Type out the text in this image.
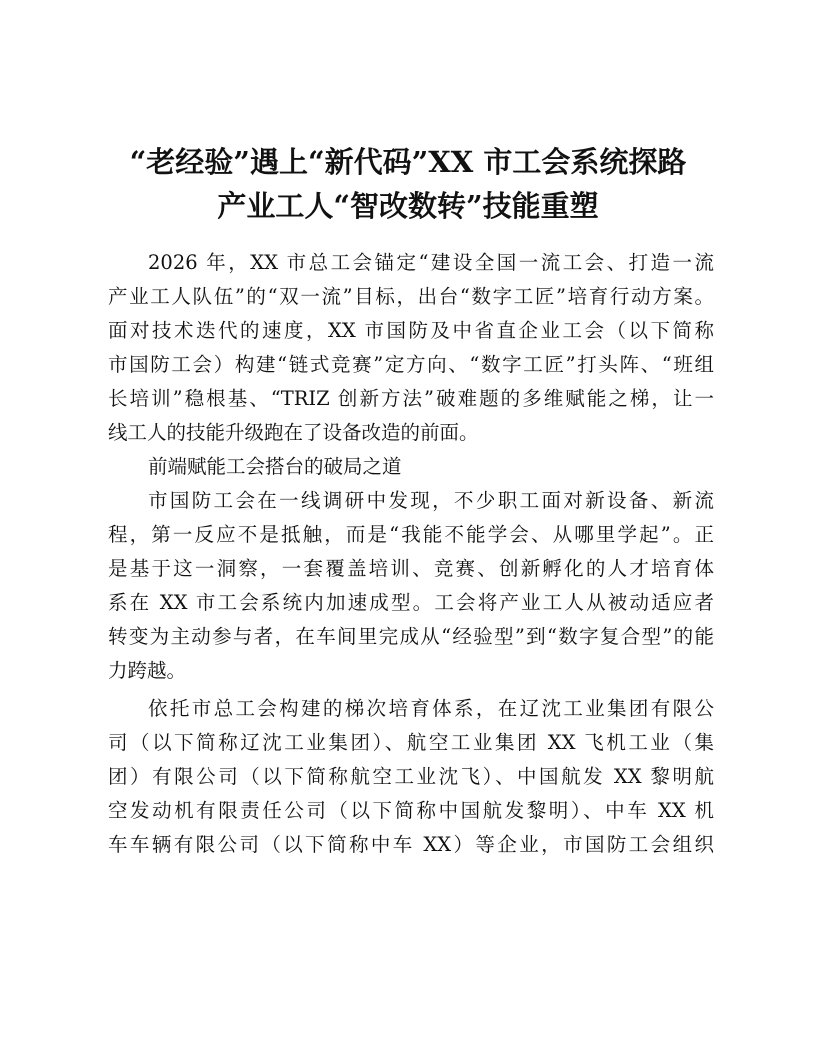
“老经验”遇上“新代码”XX 市工会系统探路
产业工人“智改数转”技能重塑

2026 年，XX 市总工会锚定“建设全国一流工会、打造一流
产业工人队伍”的“双一流”目标，出台“数字工匠”培育行动方案。
面对技术迭代的速度，XX 市国防及中省直企业工会（以下简称
市国防工会）构建“链式竞赛”定方向、“数字工匠”打头阵、“班组
长培训”稳根基、“TRIZ 创新方法”破难题的多维赋能之梯，让一
线工人的技能升级跑在了设备改造的前面。

前端赋能工会搭台的破局之道

市国防工会在一线调研中发现，不少职工面对新设备、新流
程，第一反应不是抵触，而是“我能不能学会、从哪里学起”。正
是基于这一洞察，一套覆盖培训、竞赛、创新孵化的人才培育体
系在 XX 市工会系统内加速成型。工会将产业工人从被动适应者
转变为主动参与者，在车间里完成从“经验型”到“数字复合型”的能
力跨越。

依托市总工会构建的梯次培育体系，在辽沈工业集团有限公
司（以下简称辽沈工业集团）、航空工业集团 XX 飞机工业（集
团）有限公司（以下简称航空工业沈飞）、中国航发 XX 黎明航
空发动机有限责任公司（以下简称中国航发黎明）、中车 XX 机
车车辆有限公司（以下简称中车 XX）等企业，市国防工会组织
